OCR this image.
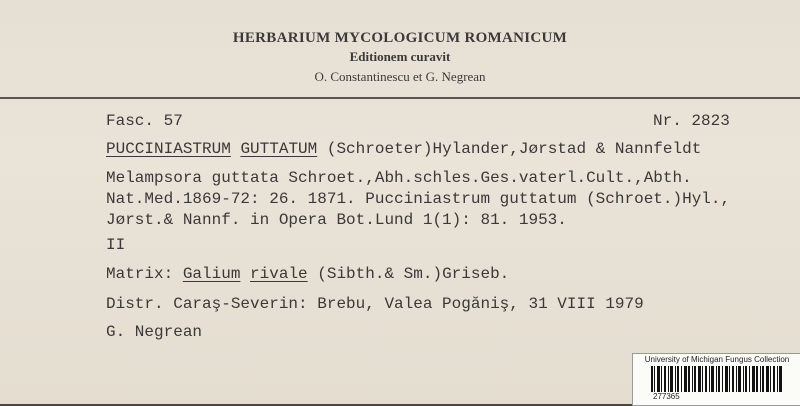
HERBARIUM MYCOLOGICUM ROMANICUM
Editionem curavit
O. Constantinescu et G. Negrean
Fasc. 57	Nr. 2823
PUCCINIASTRUM GUTTATUM (Schroeter)Hylander,Jørstad & Nannfeldt
Melampsora guttata Schroet.,Abh.schles.Ges.vaterl.Cult.,Abth.
Nat.Med.1869-72: 26. 1871. Pucciniastrum guttatum (Schroet.)Hyl.,
Jørst.& Nannf. in Opera Bot.Lund 1(1): 81. 1953.
II
Matrix: Galium rivale (Sibth.& Sm.)Griseb.
Distr. Caraş-Severin: Brebu, Valea Pogăniş, 31 VIII 1979
G. Negrean
University of Michigan Fungus Collection
277365
